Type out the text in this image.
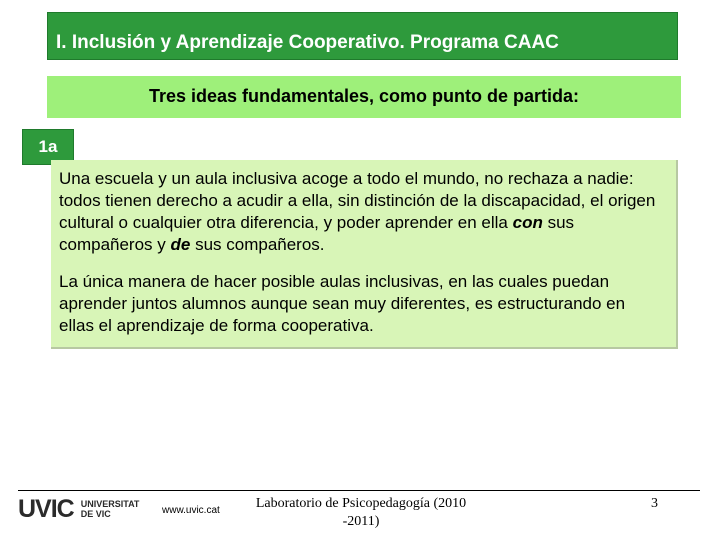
I. Inclusión y Aprendizaje Cooperativo. Programa CAAC
Tres ideas fundamentales, como punto de partida:
1a

Una escuela y un aula inclusiva acoge a todo el mundo, no rechaza a nadie: todos tienen derecho a acudir a ella, sin distinción de la discapacidad, el origen cultural o cualquier otra diferencia, y poder aprender en ella con sus compañeros y de sus compañeros.

La única manera de hacer posible aulas inclusivas, en las cuales puedan aprender juntos alumnos aunque sean muy diferentes, es estructurando en ellas el aprendizaje de forma cooperativa.

UVIC UNIVERSITAT
DE VIC	www.uvic.cat	Laboratorio de Psicopedagogía (2010
-2011)
3
